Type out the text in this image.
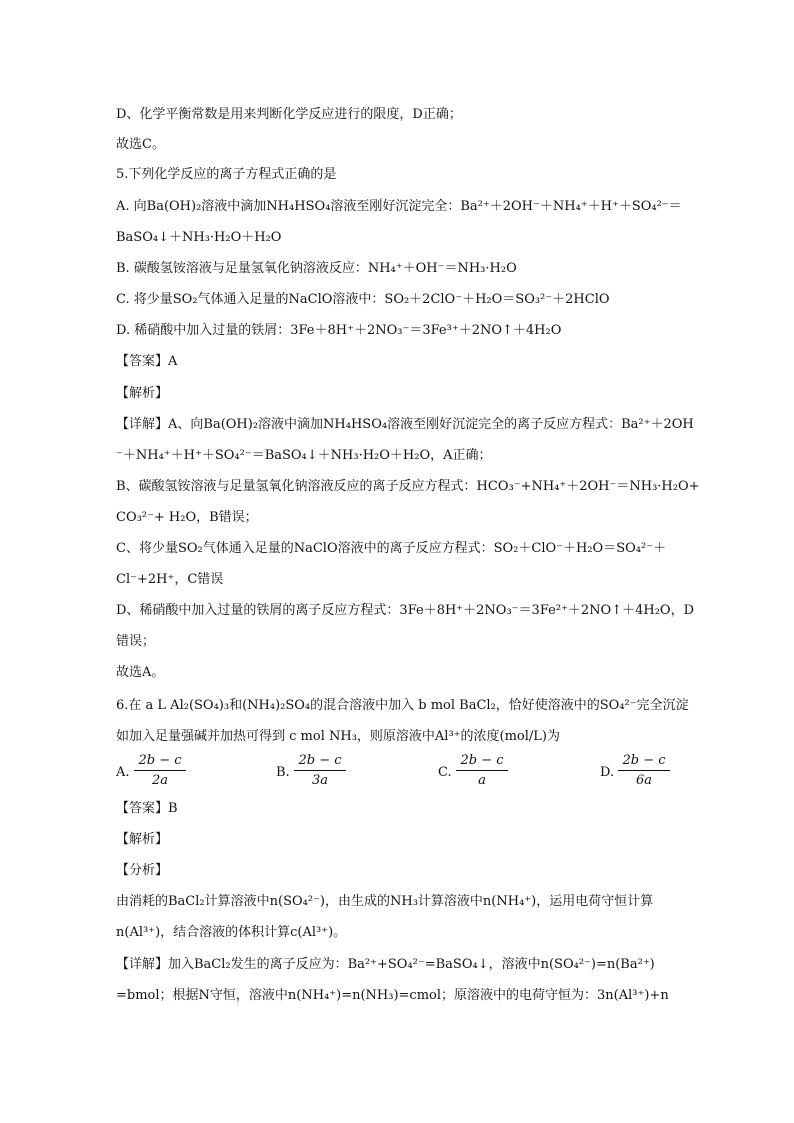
D、化学平衡常数是用来判断化学反应进行的限度，D正确；
故选C。
5.下列化学反应的离子方程式正确的是
A. 向Ba(OH)₂溶液中滴加NH₄HSO₄溶液至刚好沉淀完全：Ba²⁺＋2OH⁻＋NH₄⁺＋H⁺＋SO₄²⁻＝
BaSO₄↓＋NH₃·H₂O＋H₂O
B. 碳酸氢铵溶液与足量氢氧化钠溶液反应：NH₄⁺＋OH⁻＝NH₃·H₂O
C. 将少量SO₂气体通入足量的NaClO溶液中：SO₂＋2ClO⁻＋H₂O＝SO₃²⁻＋2HClO
D. 稀硝酸中加入过量的铁屑：3Fe＋8H⁺＋2NO₃⁻＝3Fe³⁺＋2NO↑＋4H₂O
【答案】A
【解析】
【详解】A、向Ba(OH)₂溶液中滴加NH₄HSO₄溶液至刚好沉淀完全的离子反应方程式：Ba²⁺＋2OH
⁻＋NH₄⁺＋H⁺＋SO₄²⁻＝BaSO₄↓＋NH₃·H₂O＋H₂O，A正确；
B、碳酸氢铵溶液与足量氢氧化钠溶液反应的离子反应方程式：HCO₃⁻+NH₄⁺＋2OH⁻＝NH₃·H₂O+
CO₃²⁻+ H₂O，B错误；
C、将少量SO₂气体通入足量的NaClO溶液中的离子反应方程式：SO₂＋ClO⁻＋H₂O＝SO₄²⁻＋
Cl⁻+2H⁺，C错误
D、稀硝酸中加入过量的铁屑的离子反应方程式：3Fe＋8H⁺＋2NO₃⁻＝3Fe²⁺＋2NO↑＋4H₂O，D
错误；
故选A。
6.在 a L Al₂(SO₄)₃和(NH₄)₂SO₄的混合溶液中加入 b mol BaCl₂，恰好使溶液中的SO₄²⁻完全沉淀
如加入足量强碱并加热可得到 c mol NH₃，则原溶液中Al³⁺的浓度(mol/L)为
A. $\frac{2b - c}{2a}$	B. $\frac{2b - c}{3a}$	C. $\frac{2b - c}{a}$	D. $\frac{2b - c}{6a}$
【答案】B
【解析】
【分析】
由消耗的BaCl₂计算溶液中n(SO₄²⁻)，由生成的NH₃计算溶液中n(NH₄⁺)，运用电荷守恒计算
n(Al³⁺)，结合溶液的体积计算c(Al³⁺)。
【详解】加入BaCl₂发生的离子反应为：Ba²⁺+SO₄²⁻=BaSO₄↓，溶液中n(SO₄²⁻)=n(Ba²⁺)
=bmol；根据N守恒，溶液中n(NH₄⁺)=n(NH₃)=cmol；原溶液中的电荷守恒为：3n(Al³⁺)+n
